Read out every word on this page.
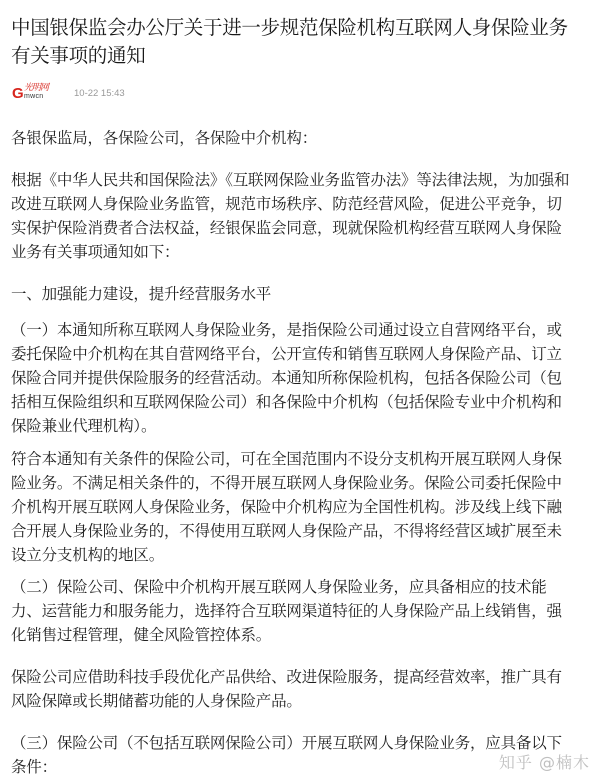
中国银保监会办公厅关于进一步规范保险机构互联网人身保险业务有关事项的通知
G 光明网
mwcn	10-22 15:43

各银保监局，各保险公司，各保险中介机构：

根据《中华人民共和国保险法》《互联网保险业务监管办法》等法律法规，为加强和改进互联网人身保险业务监管，规范市场秩序、防范经营风险，促进公平竞争，切实保护保险消费者合法权益，经银保监会同意，现就保险机构经营互联网人身保险业务有关事项通知如下：

一、加强能力建设，提升经营服务水平

（一）本通知所称互联网人身保险业务，是指保险公司通过设立自营网络平台，或委托保险中介机构在其自营网络平台，公开宣传和销售互联网人身保险产品、订立保险合同并提供保险服务的经营活动。本通知所称保险机构，包括各保险公司（包括相互保险组织和互联网保险公司）和各保险中介机构（包括保险专业中介机构和保险兼业代理机构）。

符合本通知有关条件的保险公司，可在全国范围内不设分支机构开展互联网人身保险业务。不满足相关条件的，不得开展互联网人身保险业务。保险公司委托保险中介机构开展互联网人身保险业务，保险中介机构应为全国性机构。涉及线上线下融合开展人身保险业务的，不得使用互联网人身保险产品，不得将经营区域扩展至未设立分支机构的地区。

（二）保险公司、保险中介机构开展互联网人身保险业务，应具备相应的技术能力、运营能力和服务能力，选择符合互联网渠道特征的人身保险产品上线销售，强化销售过程管理，健全风险管控体系。

保险公司应借助科技手段优化产品供给、改进保险服务，提高经营效率，推广具有风险保障或长期储蓄功能的人身保险产品。

（三）保险公司（不包括互联网保险公司）开展互联网人身保险业务，应具备以下条件：	知乎 @楠木
